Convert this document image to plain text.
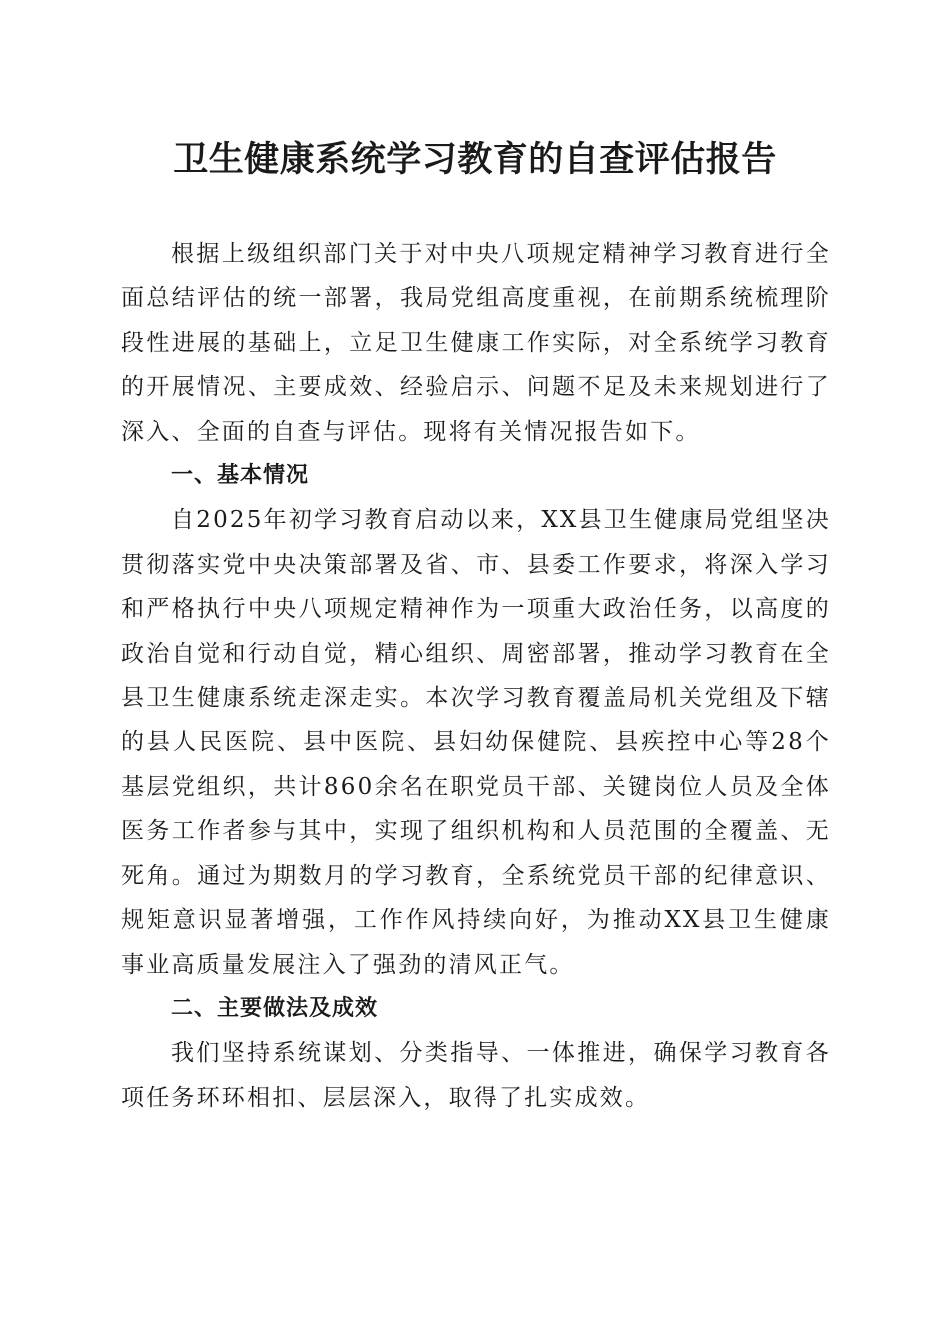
卫生健康系统学习教育的自查评估报告

根据上级组织部门关于对中央八项规定精神学习教育进行全面总结评估的统一部署，我局党组高度重视，在前期系统梳理阶段性进展的基础上，立足卫生健康工作实际，对全系统学习教育的开展情况、主要成效、经验启示、问题不足及未来规划进行了深入、全面的自查与评估。现将有关情况报告如下。

一、基本情况

自2025年初学习教育启动以来，XX县卫生健康局党组坚决贯彻落实党中央决策部署及省、市、县委工作要求，将深入学习和严格执行中央八项规定精神作为一项重大政治任务，以高度的政治自觉和行动自觉，精心组织、周密部署，推动学习教育在全县卫生健康系统走深走实。本次学习教育覆盖局机关党组及下辖的县人民医院、县中医院、县妇幼保健院、县疾控中心等28个基层党组织，共计860余名在职党员干部、关键岗位人员及全体医务工作者参与其中，实现了组织机构和人员范围的全覆盖、无死角。通过为期数月的学习教育，全系统党员干部的纪律意识、规矩意识显著增强，工作作风持续向好，为推动XX县卫生健康事业高质量发展注入了强劲的清风正气。

二、主要做法及成效

我们坚持系统谋划、分类指导、一体推进，确保学习教育各项任务环环相扣、层层深入，取得了扎实成效。
